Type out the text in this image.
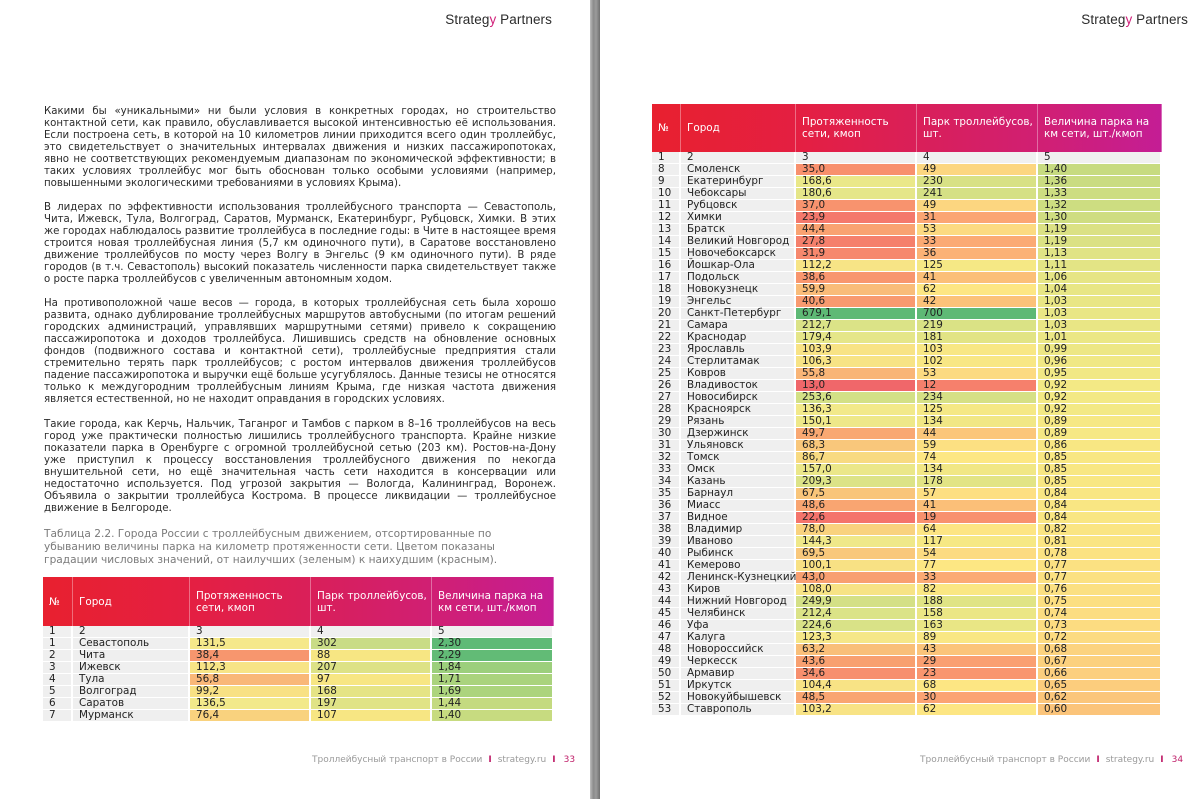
Strategy Partners

Какими бы «уникальными» ни были условия в конкретных городах, но строительство контактной сети, как правило, обуславливается высокой интенсивностью её использования. Если построена сеть, в которой на 10 километров линии приходится всего один троллейбус, это свидетельствует о значительных интервалах движения и низких пассажиропотоках, явно не соответствующих рекомендуемым диапазонам по экономической эффективности; в таких условиях троллейбус мог быть обоснован только особыми условиями (например, повышенными экологическими требованиями в условиях Крыма).

В лидерах по эффективности использования троллейбусного транспорта — Севастополь, Чита, Ижевск, Тула, Волгоград, Саратов, Мурманск, Екатеринбург, Рубцовск, Химки. В этих же городах наблюдалось развитие троллейбуса в последние годы: в Чите в настоящее время строится новая троллейбусная линия (5,7 км одиночного пути), в Саратове восстановлено движение троллейбусов по мосту через Волгу в Энгельс (9 км одиночного пути). В ряде городов (в т.ч. Севастополь) высокий показатель численности парка свидетельствует также о росте парка троллейбусов с увеличенным автономным ходом.

На противоположной чаше весов — города, в которых троллейбусная сеть была хорошо развита, однако дублирование троллейбусных маршрутов автобусными (по итогам решений городских администраций, управлявших маршрутными сетями) привело к сокращению пассажиропотока и доходов троллейбуса. Лишившись средств на обновление основных фондов (подвижного состава и контактной сети), троллейбусные предприятия стали стремительно терять парк троллейбусов; с ростом интервалов движения троллейбусов падение пассажиропотока и выручки ещё больше усугублялось. Данные тезисы не относятся только к междугородним троллейбусным линиям Крыма, где низкая частота движения является естественной, но не находит оправдания в городских условиях.

Такие города, как Керчь, Нальчик, Таганрог и Тамбов с парком в 8–16 троллейбусов на весь город уже практически полностью лишились троллейбусного транспорта. Крайне низкие показатели парка в Оренбурге с огромной троллейбусной сетью (203 км). Ростов-на-Дону уже приступил к процессу восстановления троллейбусного движения по некогда внушительной сети, но ещё значительная часть сети находится в консервации или недостаточно используется. Под угрозой закрытия — Вологда, Калининград, Воронеж. Объявила о закрытии троллейбуса Кострома. В процессе ликвидации — троллейбусное движение в Белгороде.

Таблица 2.2. Города России с троллейбусным движением, отсортированные по убыванию величины парка на километр протяженности сети. Цветом показаны градации числовых значений, от наилучших (зеленым) к наихудшим (красным).
№	Город	Протяженность сети, кмоп	Парк троллейбусов, шт.	Величина парка на км сети, шт./кмоп
1	2	3	4	5
1	Севастополь	131,5	302	2,30
2	Чита	38,4	88	2,29
3	Ижевск	112,3	207	1,84
4	Тула	56,8	97	1,71
5	Волгоград	99,2	168	1,69
6	Саратов	136,5	197	1,44
7	Мурманск	76,4	107	1,40
Троллейбусный транспорт в России I strategy.ru I 33
Strategy Partners
Троллейбусный транспорт в России I strategy.ru I 34
№	Город	Протяженность сети, кмоп	Парк троллейбусов, шт.	Величина парка на км сети, шт./кмоп
1	2	3	4	5
8	Смоленск	35,0	49	1,40
9	Екатеринбург	168,6	230	1,36
10	Чебоксары	180,6	241	1,33
11	Рубцовск	37,0	49	1,32
12	Химки	23,9	31	1,30
13	Братск	44,4	53	1,19
14	Великий Новгород	27,8	33	1,19
15	Новочебоксарск	31,9	36	1,13
16	Йошкар-Ола	112,2	125	1,11
17	Подольск	38,6	41	1,06
18	Новокузнецк	59,9	62	1,04
19	Энгельс	40,6	42	1,03
20	Санкт-Петербург	679,1	700	1,03
21	Самара	212,7	219	1,03
22	Краснодар	179,4	181	1,01
23	Ярославль	103,9	103	0,99
24	Стерлитамак	106,3	102	0,96
25	Ковров	55,8	53	0,95
26	Владивосток	13,0	12	0,92
27	Новосибирск	253,6	234	0,92
28	Красноярск	136,3	125	0,92
29	Рязань	150,1	134	0,89
30	Дзержинск	49,7	44	0,89
31	Ульяновск	68,3	59	0,86
32	Томск	86,7	74	0,85
33	Омск	157,0	134	0,85
34	Казань	209,3	178	0,85
35	Барнаул	67,5	57	0,84
36	Миасс	48,6	41	0,84
37	Видное	22,6	19	0,84
38	Владимир	78,0	64	0,82
39	Иваново	144,3	117	0,81
40	Рыбинск	69,5	54	0,78
41	Кемерово	100,1	77	0,77
42	Ленинск-Кузнецкий	43,0	33	0,77
43	Киров	108,0	82	0,76
44	Нижний Новгород	249,9	188	0,75
45	Челябинск	212,4	158	0,74
46	Уфа	224,6	163	0,73
47	Калуга	123,3	89	0,72
48	Новороссийск	63,2	43	0,68
49	Черкесск	43,6	29	0,67
50	Армавир	34,6	23	0,66
51	Иркутск	104,4	68	0,65
52	Новокуйбышевск	48,5	30	0,62
53	Ставрополь	103,2	62	0,60
